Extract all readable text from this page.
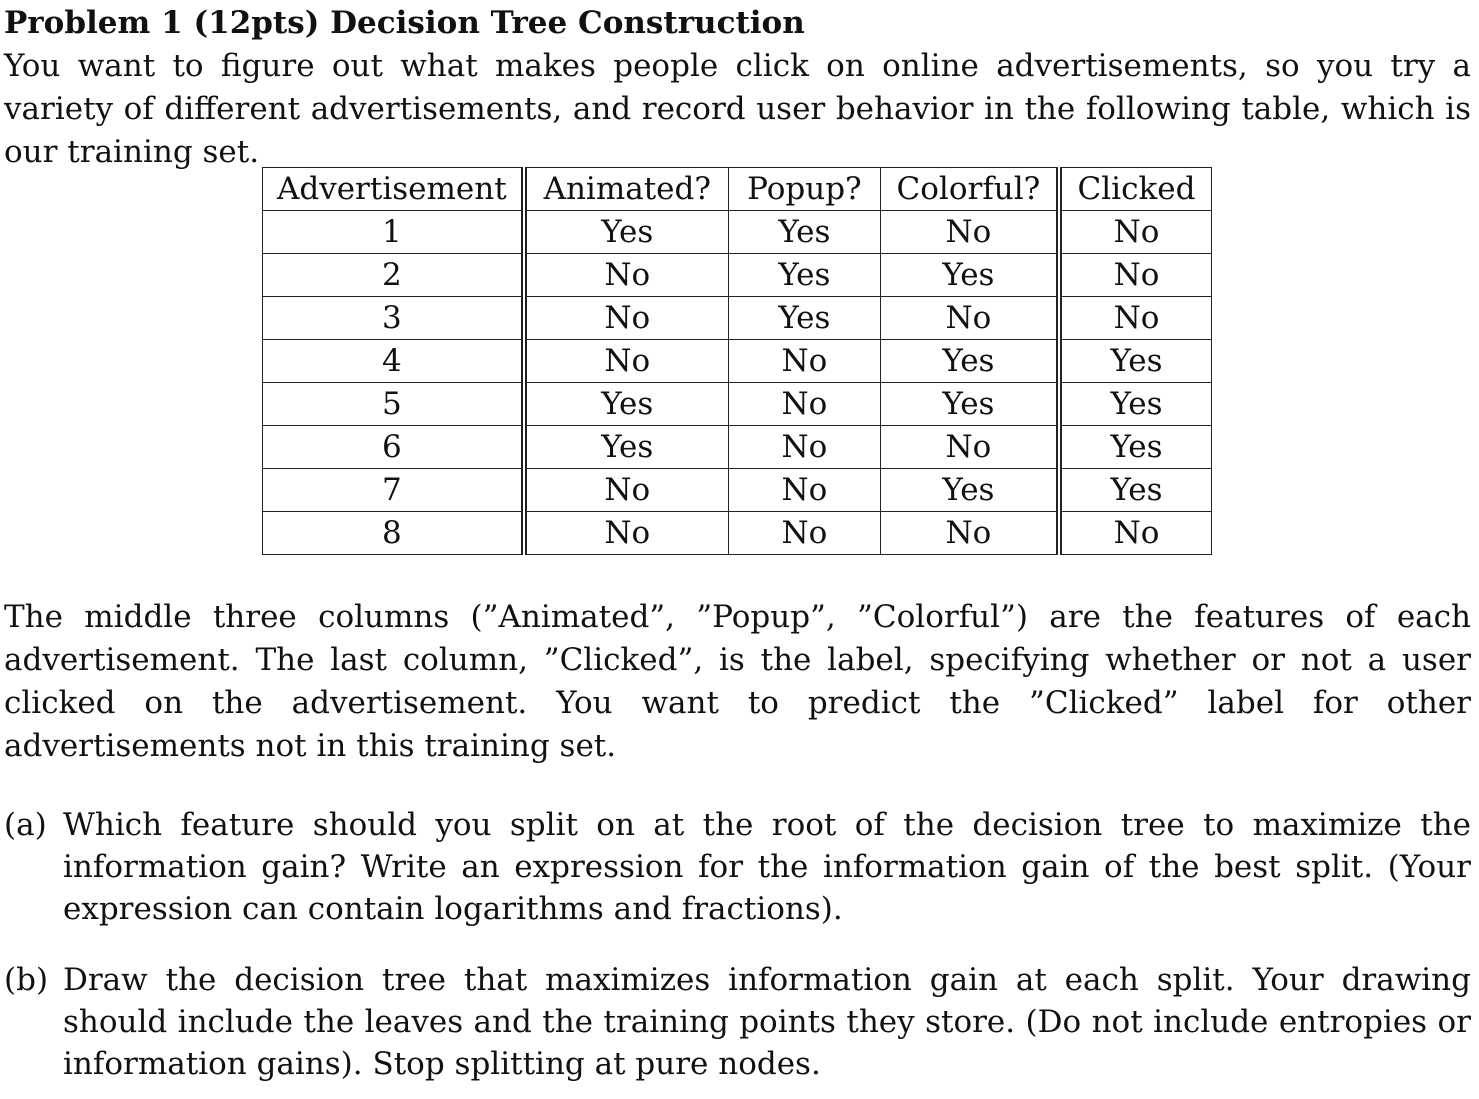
Problem 1 (12pts) Decision Tree Construction
You want to figure out what makes people click on online advertisements, so you try a variety of different advertisements, and record user behavior in the following table, which is our training set.
Advertisement	Animated?	Popup?	Colorful?	Clicked
1	Yes	Yes	No	No
2	No	Yes	Yes	No
3	No	Yes	No	No
4	No	No	Yes	Yes
5	Yes	No	Yes	Yes
6	Yes	No	No	Yes
7	No	No	Yes	Yes
8	No	No	No	No
The middle three columns (”Animated”, ”Popup”, ”Colorful”) are the features of each advertisement. The last column, ”Clicked”, is the label, specifying whether or not a user clicked on the advertisement. You want to predict the ”Clicked” label for other advertisements not in this training set.
(a) Which feature should you split on at the root of the decision tree to maximize the information gain? Write an expression for the information gain of the best split. (Your expression can contain logarithms and fractions).
(b) Draw the decision tree that maximizes information gain at each split. Your drawing should include the leaves and the training points they store. (Do not include entropies or information gains). Stop splitting at pure nodes.
